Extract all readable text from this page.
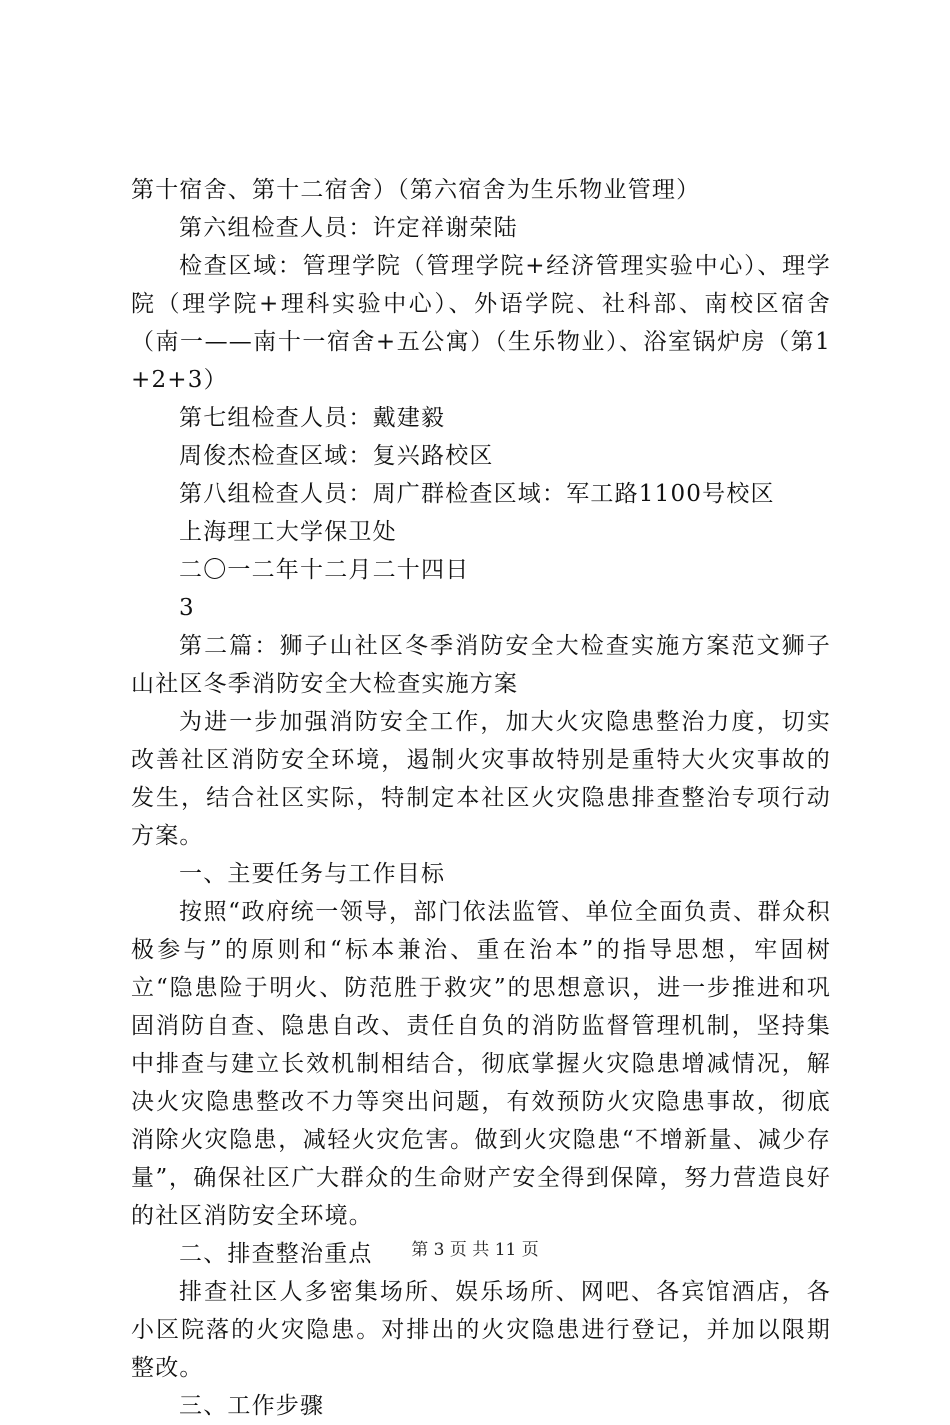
第十宿舍、第十二宿舍）（第六宿舍为生乐物业管理）

第六组检查人员：许定祥谢荣陆

检查区域：管理学院（管理学院+经济管理实验中心）、理学院（理学院+理科实验中心）、外语学院、社科部、南校区宿舍（南一——南十一宿舍+五公寓）（生乐物业）、浴室锅炉房（第1+2+3）

第七组检查人员：戴建毅

周俊杰检查区域：复兴路校区

第八组检查人员：周广群检查区域：军工路1100号校区

上海理工大学保卫处

二〇一二年十二月二十四日

3

第二篇：狮子山社区冬季消防安全大检查实施方案范文狮子山社区冬季消防安全大检查实施方案

为进一步加强消防安全工作，加大火灾隐患整治力度，切实改善社区消防安全环境，遏制火灾事故特别是重特大火灾事故的发生，结合社区实际，特制定本社区火灾隐患排查整治专项行动方案。

一、主要任务与工作目标

按照“政府统一领导，部门依法监管、单位全面负责、群众积极参与”的原则和“标本兼治、重在治本”的指导思想，牢固树立“隐患险于明火、防范胜于救灾”的思想意识，进一步推进和巩固消防自查、隐患自改、责任自负的消防监督管理机制，坚持集中排查与建立长效机制相结合，彻底掌握火灾隐患增减情况，解决火灾隐患整改不力等突出问题，有效预防火灾隐患事故，彻底消除火灾隐患，减轻火灾危害。做到火灾隐患“不增新量、减少存量”，确保社区广大群众的生命财产安全得到保障，努力营造良好的社区消防安全环境。

二、排查整治重点

排查社区人多密集场所、娱乐场所、网吧、各宾馆酒店，各小区院落的火灾隐患。对排出的火灾隐患进行登记，并加以限期整改。

三、工作步骤

第 3 页 共 11 页
